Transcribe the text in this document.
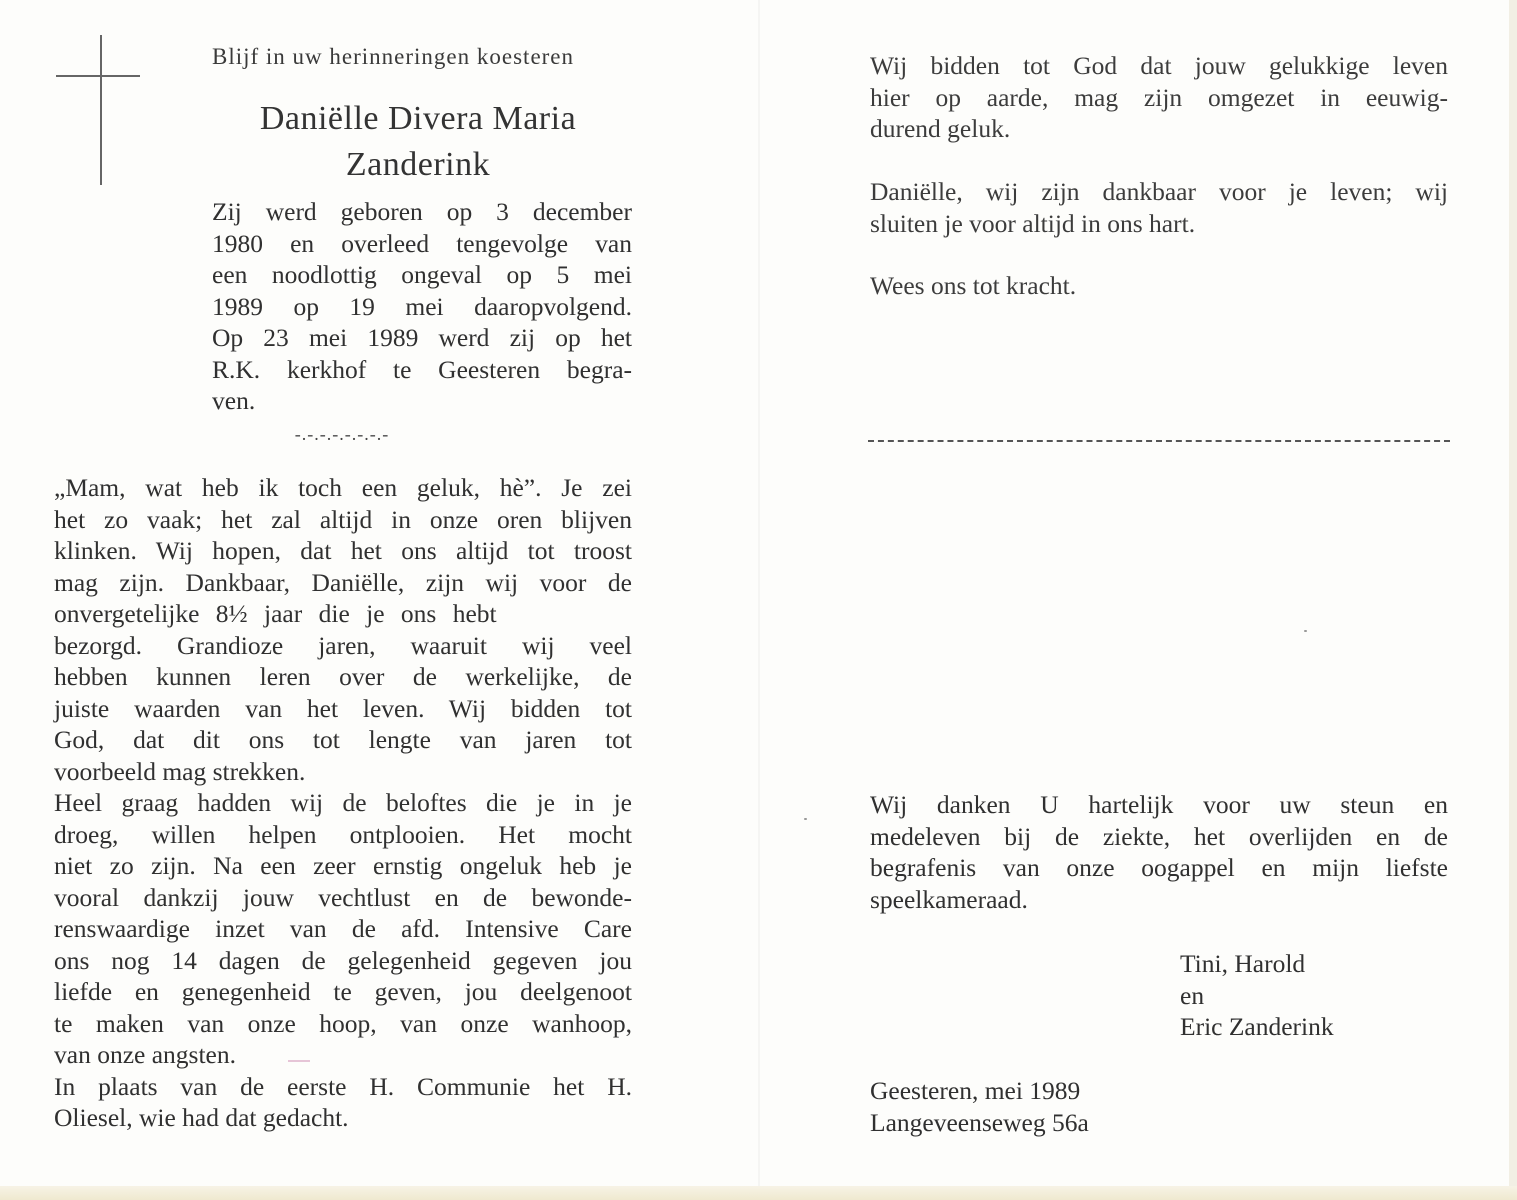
Blijf in uw herinneringen koesteren
Daniëlle Divera Maria
Zanderink
Zij werd geboren op 3 december
1980 en overleed tengevolge van
een noodlottig ongeval op 5 mei
1989 op 19 mei daaropvolgend.
Op 23 mei 1989 werd zij op het
R.K. kerkhof te Geesteren begra-
ven.
-.-.-.-.-.-.-.-
„Mam, wat heb ik toch een geluk, hè”. Je zei
het zo vaak; het zal altijd in onze oren blijven
klinken. Wij hopen, dat het ons altijd tot troost
mag zijn. Dankbaar, Daniëlle, zijn wij voor de
onvergetelijke 8½ jaar die je ons hebt
bezorgd. Grandioze jaren, waaruit wij veel
hebben kunnen leren over de werkelijke, de
juiste waarden van het leven. Wij bidden tot
God, dat dit ons tot lengte van jaren tot
voorbeeld mag strekken.
Heel graag hadden wij de beloftes die je in je
droeg, willen helpen ontplooien. Het mocht
niet zo zijn. Na een zeer ernstig ongeluk heb je
vooral dankzij jouw vechtlust en de bewonde-
renswaardige inzet van de afd. Intensive Care
ons nog 14 dagen de gelegenheid gegeven jou
liefde en genegenheid te geven, jou deelgenoot
te maken van onze hoop, van onze wanhoop,
van onze angsten.
In plaats van de eerste H. Communie het H.
Oliesel, wie had dat gedacht.
Wij bidden tot God dat jouw gelukkige leven
hier op aarde, mag zijn omgezet in eeuwig-
durend geluk.
Daniëlle, wij zijn dankbaar voor je leven; wij
sluiten je voor altijd in ons hart.
Wees ons tot kracht.
Wij danken U hartelijk voor uw steun en
medeleven bij de ziekte, het overlijden en de
begrafenis van onze oogappel en mijn liefste
speelkameraad.
Tini, Harold
en
Eric Zanderink
Geesteren, mei 1989
Langeveenseweg 56a
